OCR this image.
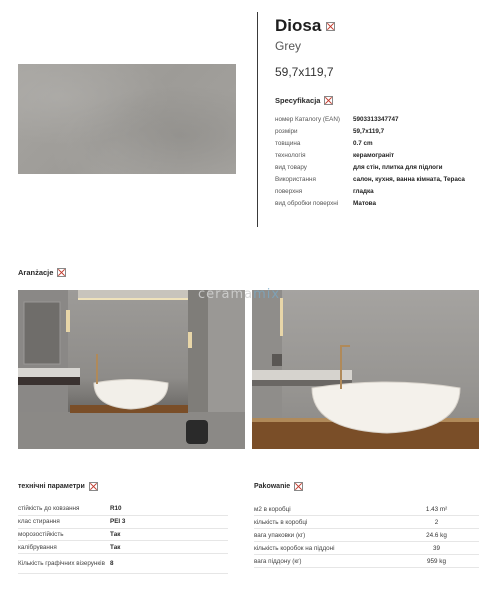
Diosa
Grey
59,7x119,7
Specyfikacja
номер Каталогу (EAN)	5903313347747
розміри	59,7x119,7
товщина	0.7 cm
технологія	керамограніт
вид товару	для стін, плитка для підлоги
Використання	салон, кухня, ванна кімната, Тераса
поверхня	гладка
вид обробки поверхні	Матова
Aranżacje
ceramamix
технічні параметри
стійкість до ковзання	R10
клас стирання	PEI 3
морозостійкість	Так
калібрування	Так
Кількість графічних візерунків 8
Pakowanie
м2 в коробці	1.43 m²
кількість в коробці	2
вага упаковки (кг)	24.6 kg
кількість коробок на піддоні	39
вага піддону (кг)	959 kg
